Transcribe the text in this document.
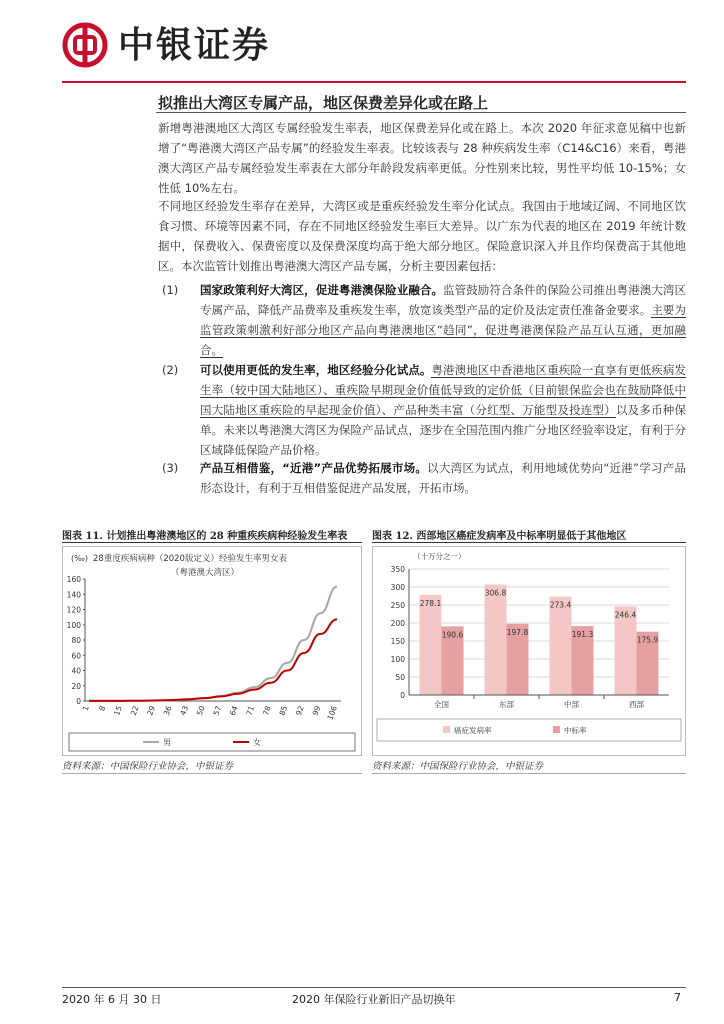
中银证券
拟推出大湾区专属产品，地区保费差异化或在路上
新增粤港澳地区大湾区专属经验发生率表，地区保费差异化或在路上。本次 2020 年征求意见稿中也新增了“粤港澳大湾区产品专属”的经验发生率表。比较该表与 28 种疾病发生率（C14&C16）来看，粤港澳大湾区产品专属经验发生率表在大部分年龄段发病率更低。分性别来比较，男性平均低 10-15%；女性低 10%左右。
不同地区经验发生率存在差异，大湾区或是重疾经验发生率分化试点。我国由于地域辽阔、不同地区饮食习惯、环境等因素不同，存在不同地区经验发生率巨大差异。以广东为代表的地区在 2019 年统计数据中，保费收入、保费密度以及保费深度均高于绝大部分地区。保险意识深入并且作均保费高于其他地区。本次监管计划推出粤港澳大湾区产品专属，分析主要因素包括：
(1)	国家政策利好大湾区，促进粤港澳保险业融合。监管鼓励符合条件的保险公司推出粤港澳大湾区专属产品，降低产品费率及重疾发生率，放宽该类型产品的定价及法定责任准备金要求。主要为监管政策刺激利好部分地区产品向粤港澳地区“趋同”，促进粤港澳保险产品互认互通，更加融合。
(2)	可以使用更低的发生率，地区经验分化试点。粤港澳地区中香港地区重疾险一直享有更低疾病发生率（较中国大陆地区）、重疾险早期现金价值低导致的定价低（目前银保监会也在鼓励降低中国大陆地区重疾险的早起现金价值）、产品种类丰富（分红型、万能型及投连型）以及多币种保单。未来以粤港澳大湾区为保险产品试点，逐步在全国范围内推广分地区经验率设定，有利于分区域降低保险产品价格。
(3)	产品互相借鉴，“近港”产品优势拓展市场。以大湾区为试点，利用地域优势向“近港”学习产品形态设计，有利于互相借鉴促进产品发展，开拓市场。
图表 11. 计划推出粤港澳地区的 28 种重疾疾病种经验发生率表
(‰) 28重度疾病病种（2020版定义）经验发生率男女表
（粤港澳大湾区）
0
20
40
60
80
100
120
140
160
1 8 15 22 29 36 43 50 57 64 71 78 85 92 99 106
男	女
资料来源：中国保险行业协会，中银证券
图表 12. 西部地区癌症发病率及中标率明显低于其他地区
（十万分之一）
0
50
100
150
200
250
300
350
278.1
190.6
全国
306.8
197.8
东部
273.4
191.3
中部
246.4
175.9
西部
癌症发病率	中标率
资料来源：中国保险行业协会，中银证券
2020 年 6 月 30 日	2020 年保险行业新旧产品切换年	7
